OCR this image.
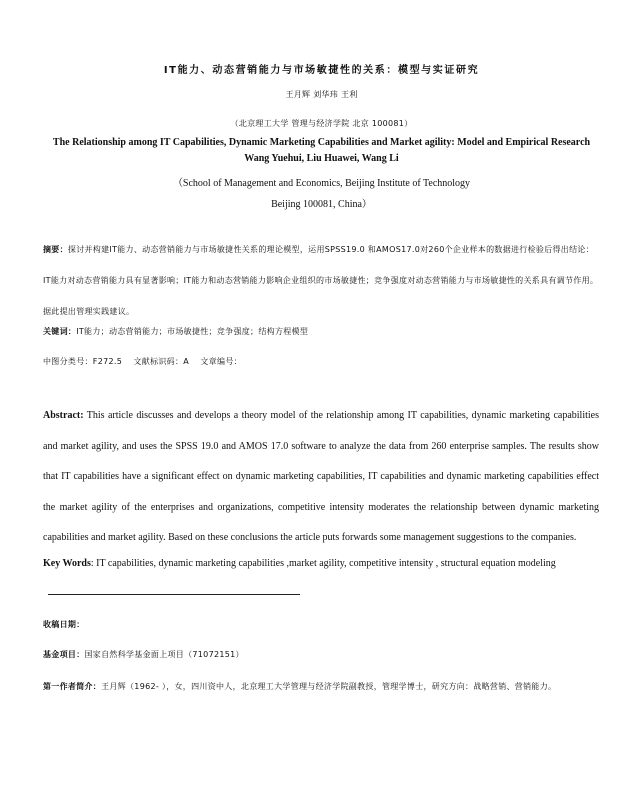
IT能力、动态营销能力与市场敏捷性的关系：模型与实证研究
王月辉 刘华玮 王利
（北京理工大学 管理与经济学院 北京 100081）
The Relationship among IT Capabilities, Dynamic Marketing Capabilities and Market agility: Model and Empirical Research
Wang Yuehui, Liu Huawei, Wang Li
（School of Management and Economics, Beijing Institute of Technology
Beijing 100081, China）
摘要：探讨并构建IT能力、动态营销能力与市场敏捷性关系的理论模型，运用SPSS19.0 和AMOS17.0对260个企业样本的数据进行检验后得出结论：IT能力对动态营销能力具有显著影响；IT能力和动态营销能力影响企业组织的市场敏捷性；竞争强度对动态营销能力与市场敏捷性的关系具有调节作用。据此提出管理实践建议。
关键词：IT能力；动态营销能力；市场敏捷性；竞争强度；结构方程模型
中图分类号：F272.5    文献标识码：A    文章编号：
Abstract: This article discusses and develops a theory model of the relationship among IT capabilities, dynamic marketing capabilities and market agility, and uses the SPSS 19.0 and AMOS 17.0 software to analyze the data from 260 enterprise samples. The results show that IT capabilities have a significant effect on dynamic marketing capabilities, IT capabilities and dynamic marketing capabilities effect the market agility of the enterprises and organizations, competitive intensity moderates the relationship between dynamic marketing capabilities and market agility. Based on these conclusions the article puts forwards some management suggestions to the companies.
Key Words: IT capabilities, dynamic marketing capabilities ,market agility, competitive intensity , structural equation modeling
收稿日期：
基金项目：国家自然科学基金面上项目（71072151）
第一作者简介：王月辉（1962- ），女，四川资中人，北京理工大学管理与经济学院副教授，管理学博士，研究方向：战略营销、营销能力。
